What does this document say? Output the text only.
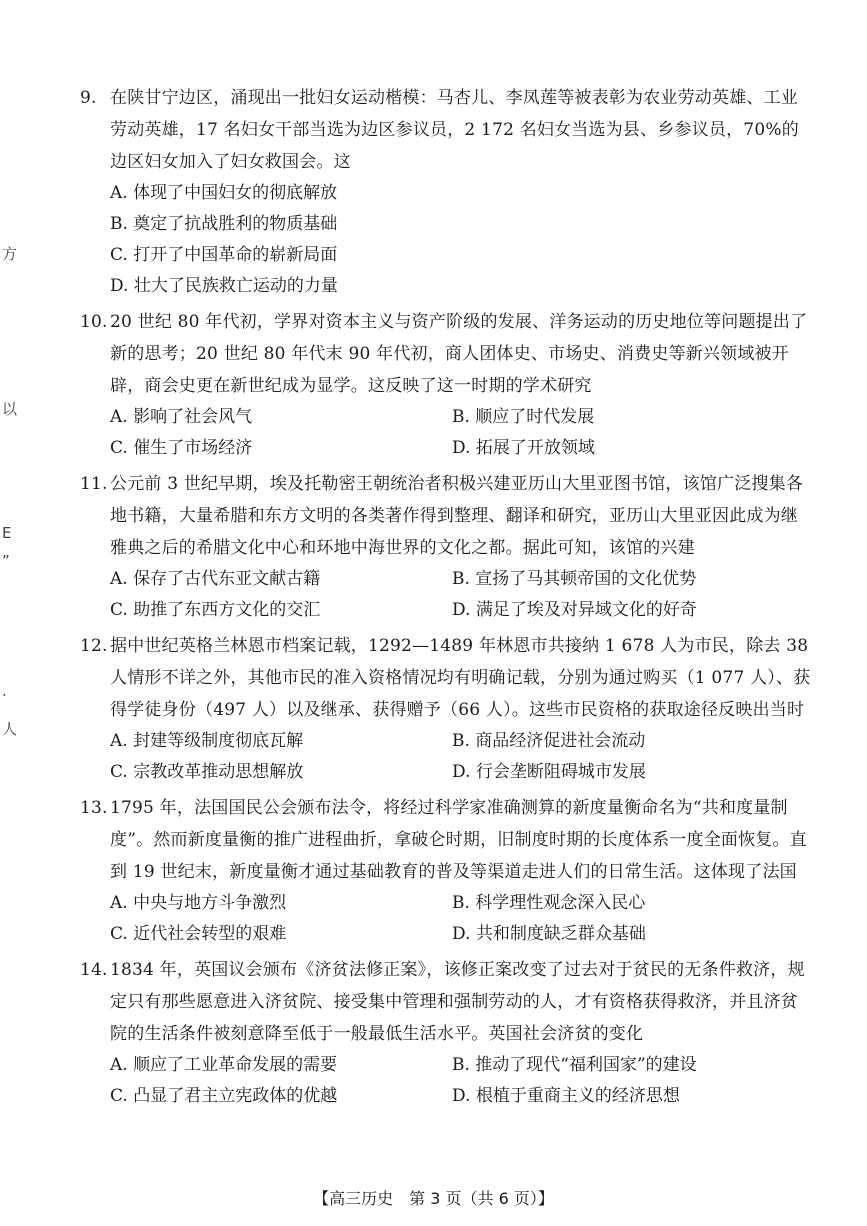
方
以
E
”
⋅
人

9. 在陕甘宁边区，涌现出一批妇女运动楷模：马杏儿、李凤莲等被表彰为农业劳动英雄、工业劳动英雄，17 名妇女干部当选为边区参议员，2 172 名妇女当选为县、乡参议员，70%的边区妇女加入了妇女救国会。这

A. 体现了中国妇女的彻底解放
B. 奠定了抗战胜利的物质基础
C. 打开了中国革命的崭新局面
D. 壮大了民族救亡运动的力量

10. 20 世纪 80 年代初，学界对资本主义与资产阶级的发展、洋务运动的历史地位等问题提出了新的思考；20 世纪 80 年代末 90 年代初，商人团体史、市场史、消费史等新兴领域被开辟，商会史更在新世纪成为显学。这反映了这一时期的学术研究

A. 影响了社会风气	B. 顺应了时代发展
C. 催生了市场经济	D. 拓展了开放领域

11. 公元前 3 世纪早期，埃及托勒密王朝统治者积极兴建亚历山大里亚图书馆，该馆广泛搜集各地书籍，大量希腊和东方文明的各类著作得到整理、翻译和研究，亚历山大里亚因此成为继雅典之后的希腊文化中心和环地中海世界的文化之都。据此可知，该馆的兴建

A. 保存了古代东亚文献古籍	B. 宣扬了马其顿帝国的文化优势
C. 助推了东西方文化的交汇	D. 满足了埃及对异域文化的好奇

12. 据中世纪英格兰林恩市档案记载，1292—1489 年林恩市共接纳 1 678 人为市民，除去 38 人情形不详之外，其他市民的准入资格情况均有明确记载，分别为通过购买（1 077 人）、获得学徒身份（497 人）以及继承、获得赠予（66 人）。这些市民资格的获取途径反映出当时

A. 封建等级制度彻底瓦解	B. 商品经济促进社会流动
C. 宗教改革推动思想解放	D. 行会垄断阻碍城市发展

13. 1795 年，法国国民公会颁布法令，将经过科学家准确测算的新度量衡命名为“共和度量制度”。然而新度量衡的推广进程曲折，拿破仑时期，旧制度时期的长度体系一度全面恢复。直到 19 世纪末，新度量衡才通过基础教育的普及等渠道走进人们的日常生活。这体现了法国

A. 中央与地方斗争激烈	B. 科学理性观念深入民心
C. 近代社会转型的艰难	D. 共和制度缺乏群众基础

14. 1834 年，英国议会颁布《济贫法修正案》，该修正案改变了过去对于贫民的无条件救济，规定只有那些愿意进入济贫院、接受集中管理和强制劳动的人，才有资格获得救济，并且济贫院的生活条件被刻意降至低于一般最低生活水平。英国社会济贫的变化

A. 顺应了工业革命发展的需要	B. 推动了现代“福利国家”的建设
C. 凸显了君主立宪政体的优越	D. 根植于重商主义的经济思想
【高三历史　第 3 页（共 6 页）】
